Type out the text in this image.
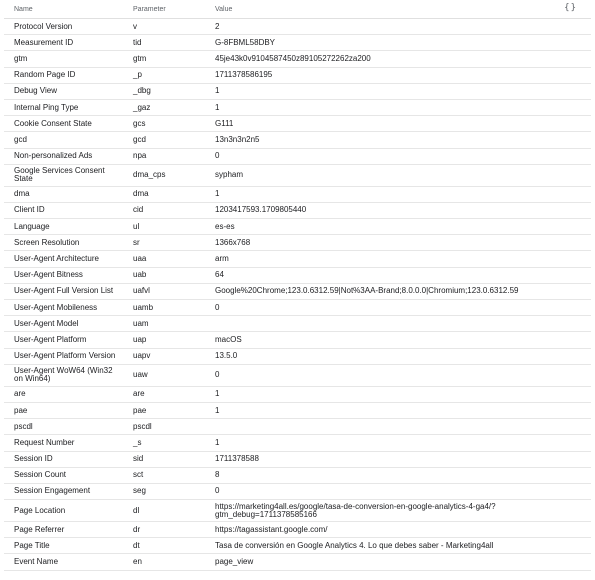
Name	Parameter	Value	{}
Protocol Version	v	2
Measurement ID	tid	G-8FBML58DBY
gtm	gtm	45je43k0v9104587450z89105272262za200
Random Page ID	_p	1711378586195
Debug View	_dbg	1
Internal Ping Type	_gaz	1
Cookie Consent State	gcs	G111
gcd	gcd	13n3n3n2n5
Non-personalized Ads	npa	0
Google Services Consent State	dma_cps	sypham
dma	dma	1
Client ID	cid	1203417593.1709805440
Language	ul	es-es
Screen Resolution	sr	1366x768
User-Agent Architecture	uaa	arm
User-Agent Bitness	uab	64
User-Agent Full Version List	uafvl	Google%20Chrome;123.0.6312.59|Not%3AA-Brand;8.0.0.0|Chromium;123.0.6312.59
User-Agent Mobileness	uamb	0
User-Agent Model	uam
User-Agent Platform	uap	macOS
User-Agent Platform Version	uapv	13.5.0
User-Agent WoW64 (Win32 on Win64)	uaw	0
are	are	1
pae	pae	1
pscdl	pscdl
Request Number	_s	1
Session ID	sid	1711378588
Session Count	sct	8
Session Engagement	seg	0
Page Location	dl	https://marketing4all.es/google/tasa-de-conversion-en-google-analytics-4-ga4/?gtm_debug=1711378585166
Page Referrer	dr	https://tagassistant.google.com/
Page Title	dt	Tasa de conversión en Google Analytics 4. Lo que debes saber - Marketing4all
Event Name	en	page_view
